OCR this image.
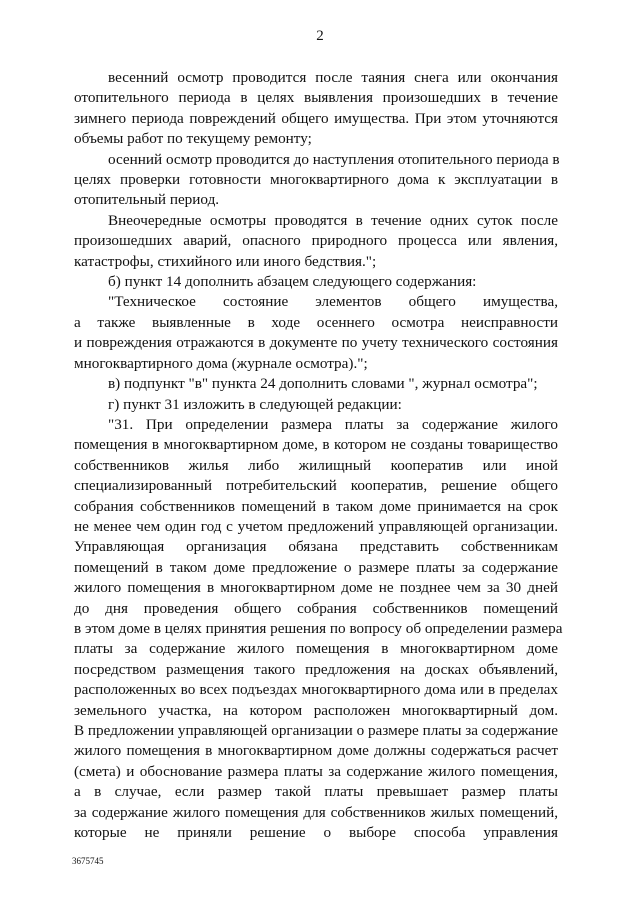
2
весенний осмотр проводится после таяния снега или окончания
отопительного периода в целях выявления произошедших в течение
зимнего периода повреждений общего имущества. При этом уточняются
объемы работ по текущему ремонту;
осенний осмотр проводится до наступления отопительного периода в
целях проверки готовности многоквартирного дома к эксплуатации в
отопительный период.
Внеочередные осмотры проводятся в течение одних суток после
произошедших аварий, опасного природного процесса или явления,
катастрофы, стихийного или иного бедствия.";
б) пункт 14 дополнить абзацем следующего содержания:
"Техническое состояние элементов общего имущества,
а также выявленные в ходе осеннего осмотра неисправности
и повреждения отражаются в документе по учету технического состояния
многоквартирного дома (журнале осмотра).";
в) подпункт "в" пункта 24 дополнить словами ", журнал осмотра";
г) пункт 31 изложить в следующей редакции:
"31. При определении размера платы за содержание жилого
помещения в многоквартирном доме, в котором не созданы товарищество
собственников жилья либо жилищный кооператив или иной
специализированный потребительский кооператив, решение общего
собрания собственников помещений в таком доме принимается на срок
не менее чем один год с учетом предложений управляющей организации.
Управляющая организация обязана представить собственникам
помещений в таком доме предложение о размере платы за содержание
жилого помещения в многоквартирном доме не позднее чем за 30 дней
до дня проведения общего собрания собственников помещений
в этом доме в целях принятия решения по вопросу об определении размера
платы за содержание жилого помещения в многоквартирном доме
посредством размещения такого предложения на досках объявлений,
расположенных во всех подъездах многоквартирного дома или в пределах
земельного участка, на котором расположен многоквартирный дом.
В предложении управляющей организации о размере платы за содержание
жилого помещения в многоквартирном доме должны содержаться расчет
(смета) и обоснование размера платы за содержание жилого помещения,
а в случае, если размер такой платы превышает размер платы
за содержание жилого помещения для собственников жилых помещений,
которые не приняли решение о выборе способа управления
3675745
